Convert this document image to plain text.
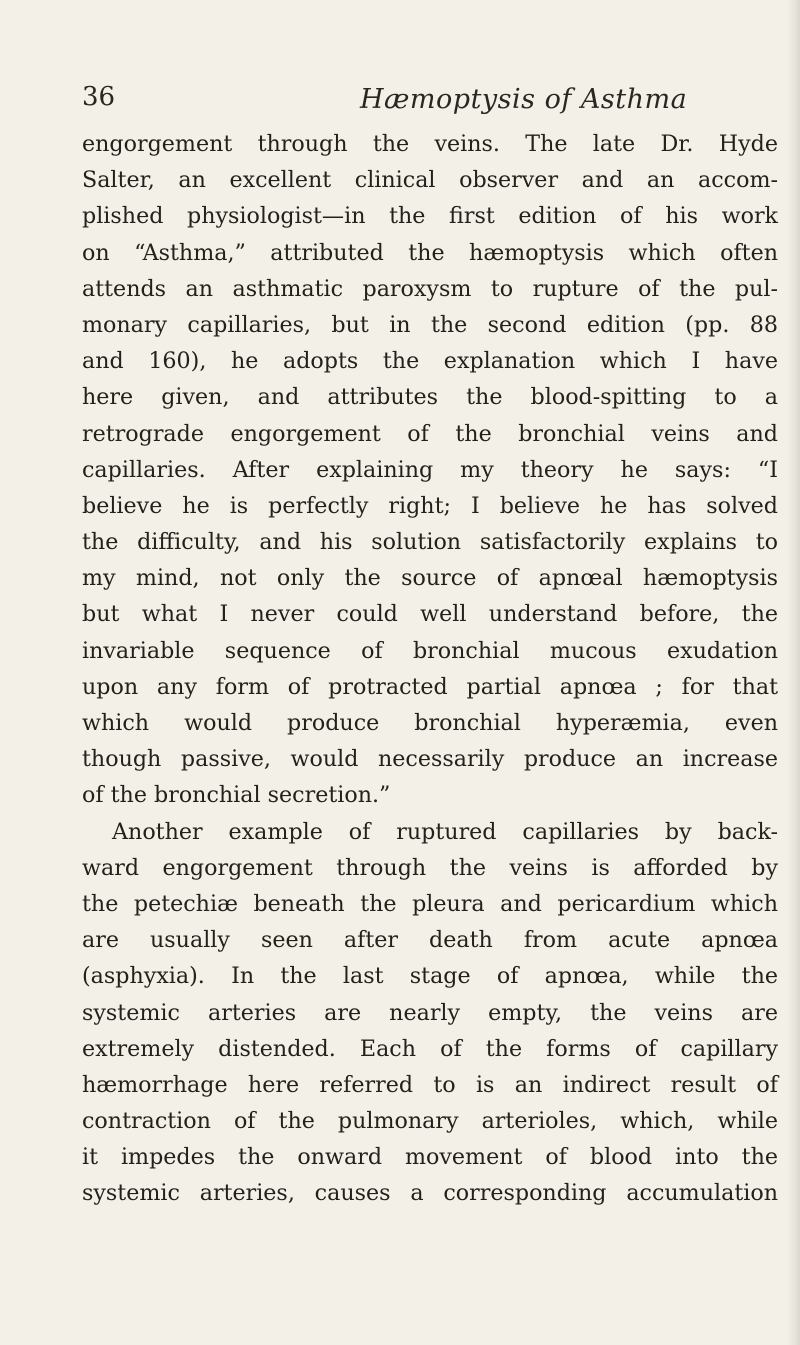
36	Hæmoptysis of Asthma
engorgement through the veins. The late Dr. Hyde
Salter, an excellent clinical observer and an accom-
plished physiologist—in the first edition of his work
on “Asthma,” attributed the hæmoptysis which often
attends an asthmatic paroxysm to rupture of the pul-
monary capillaries, but in the second edition (pp. 88
and 160), he adopts the explanation which I have
here given, and attributes the blood-spitting to a
retrograde engorgement of the bronchial veins and
capillaries. After explaining my theory he says: “I
believe he is perfectly right; I believe he has solved
the difficulty, and his solution satisfactorily explains to
my mind, not only the source of apnœal hæmoptysis
but what I never could well understand before, the
invariable sequence of bronchial mucous exudation
upon any form of protracted partial apnœa ; for that
which would produce bronchial hyperæmia, even
though passive, would necessarily produce an increase
of the bronchial secretion.”
Another example of ruptured capillaries by back-
ward engorgement through the veins is afforded by
the petechiæ beneath the pleura and pericardium which
are usually seen after death from acute apnœa
(asphyxia). In the last stage of apnœa, while the
systemic arteries are nearly empty, the veins are
extremely distended. Each of the forms of capillary
hæmorrhage here referred to is an indirect result of
contraction of the pulmonary arterioles, which, while
it impedes the onward movement of blood into the
systemic arteries, causes a corresponding accumulation
